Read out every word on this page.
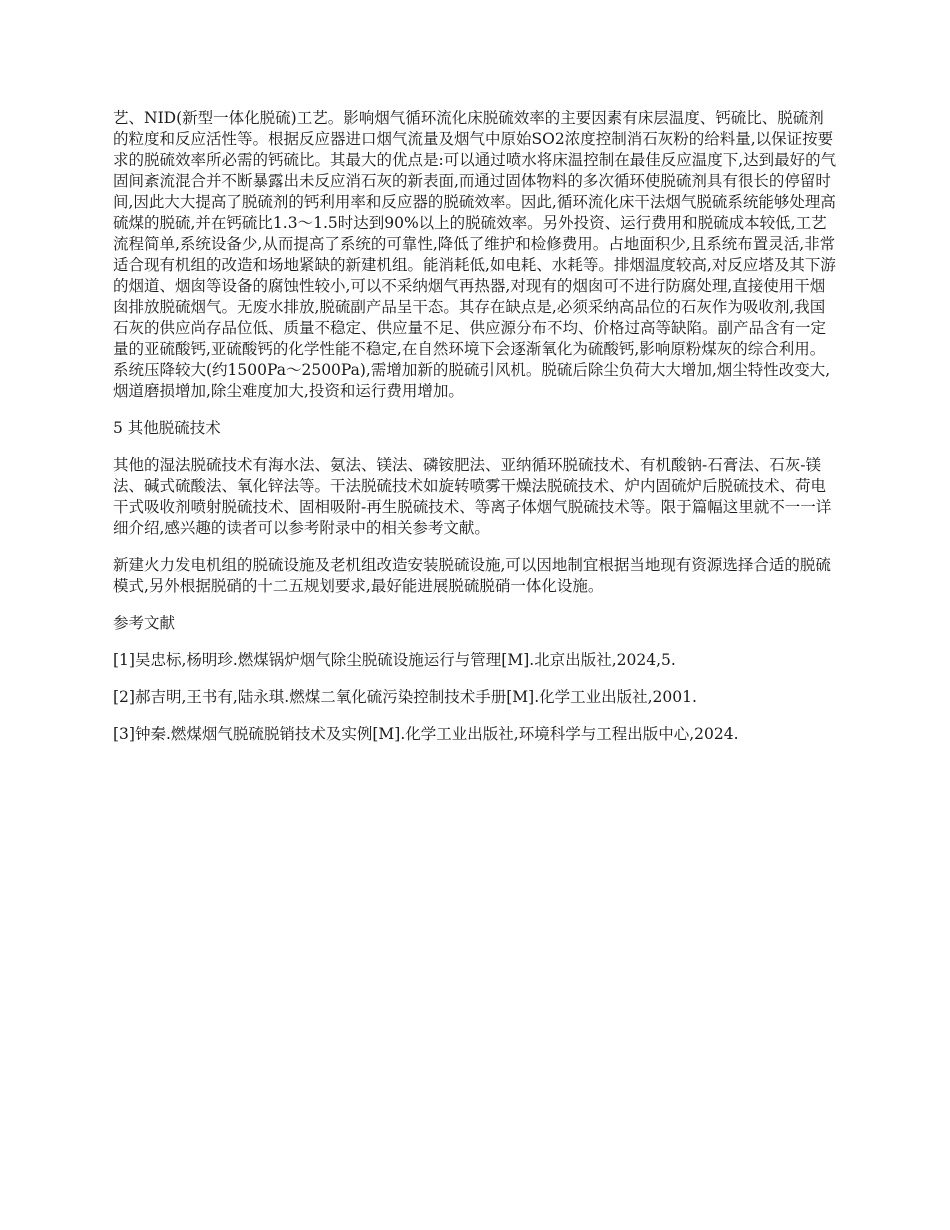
艺、NID(新型一体化脱硫)工艺。影响烟气循环流化床脱硫效率的主要因素有床层温度、钙硫比、脱硫剂的粒度和反应活性等。根据反应器进口烟气流量及烟气中原始SO2浓度控制消石灰粉的给料量,以保证按要求的脱硫效率所必需的钙硫比。其最大的优点是:可以通过喷水将床温控制在最佳反应温度下,达到最好的气固间紊流混合并不断暴露出未反应消石灰的新表面,而通过固体物料的多次循环使脱硫剂具有很长的停留时间,因此大大提高了脱硫剂的钙利用率和反应器的脱硫效率。因此,循环流化床干法烟气脱硫系统能够处理高硫煤的脱硫,并在钙硫比1.3～1.5时达到90%以上的脱硫效率。另外投资、运行费用和脱硫成本较低,工艺流程简单,系统设备少,从而提高了系统的可靠性,降低了维护和检修费用。占地面积少,且系统布置灵活,非常适合现有机组的改造和场地紧缺的新建机组。能消耗低,如电耗、水耗等。排烟温度较高,对反应塔及其下游的烟道、烟囱等设备的腐蚀性较小,可以不采纳烟气再热器,对现有的烟囱可不进行防腐处理,直接使用干烟囱排放脱硫烟气。无废水排放,脱硫副产品呈干态。其存在缺点是,必须采纳高品位的石灰作为吸收剂,我国石灰的供应尚存品位低、质量不稳定、供应量不足、供应源分布不均、价格过高等缺陷。副产品含有一定量的亚硫酸钙,亚硫酸钙的化学性能不稳定,在自然环境下会逐渐氧化为硫酸钙,影响原粉煤灰的综合利用。系统压降较大(约1500Pa～2500Pa),需增加新的脱硫引风机。脱硫后除尘负荷大大增加,烟尘特性改变大,烟道磨损增加,除尘难度加大,投资和运行费用增加。

5 其他脱硫技术

其他的湿法脱硫技术有海水法、氨法、镁法、磷铵肥法、亚纳循环脱硫技术、有机酸钠-石膏法、石灰-镁法、碱式硫酸法、氧化锌法等。干法脱硫技术如旋转喷雾干燥法脱硫技术、炉内固硫炉后脱硫技术、荷电干式吸收剂喷射脱硫技术、固相吸附-再生脱硫技术、等离子体烟气脱硫技术等。限于篇幅这里就不一一详细介绍,感兴趣的读者可以参考附录中的相关参考文献。

新建火力发电机组的脱硫设施及老机组改造安装脱硫设施,可以因地制宜根据当地现有资源选择合适的脱硫模式,另外根据脱硝的十二五规划要求,最好能进展脱硫脱硝一体化设施。

参考文献

[1]吴忠标,杨明珍.燃煤锅炉烟气除尘脱硫设施运行与管理[M].北京出版社,2024,5.

[2]郝吉明,王书有,陆永琪.燃煤二氧化硫污染控制技术手册[M].化学工业出版社,2001.

[3]钟秦.燃煤烟气脱硫脱销技术及实例[M].化学工业出版社,环境科学与工程出版中心,2024.
